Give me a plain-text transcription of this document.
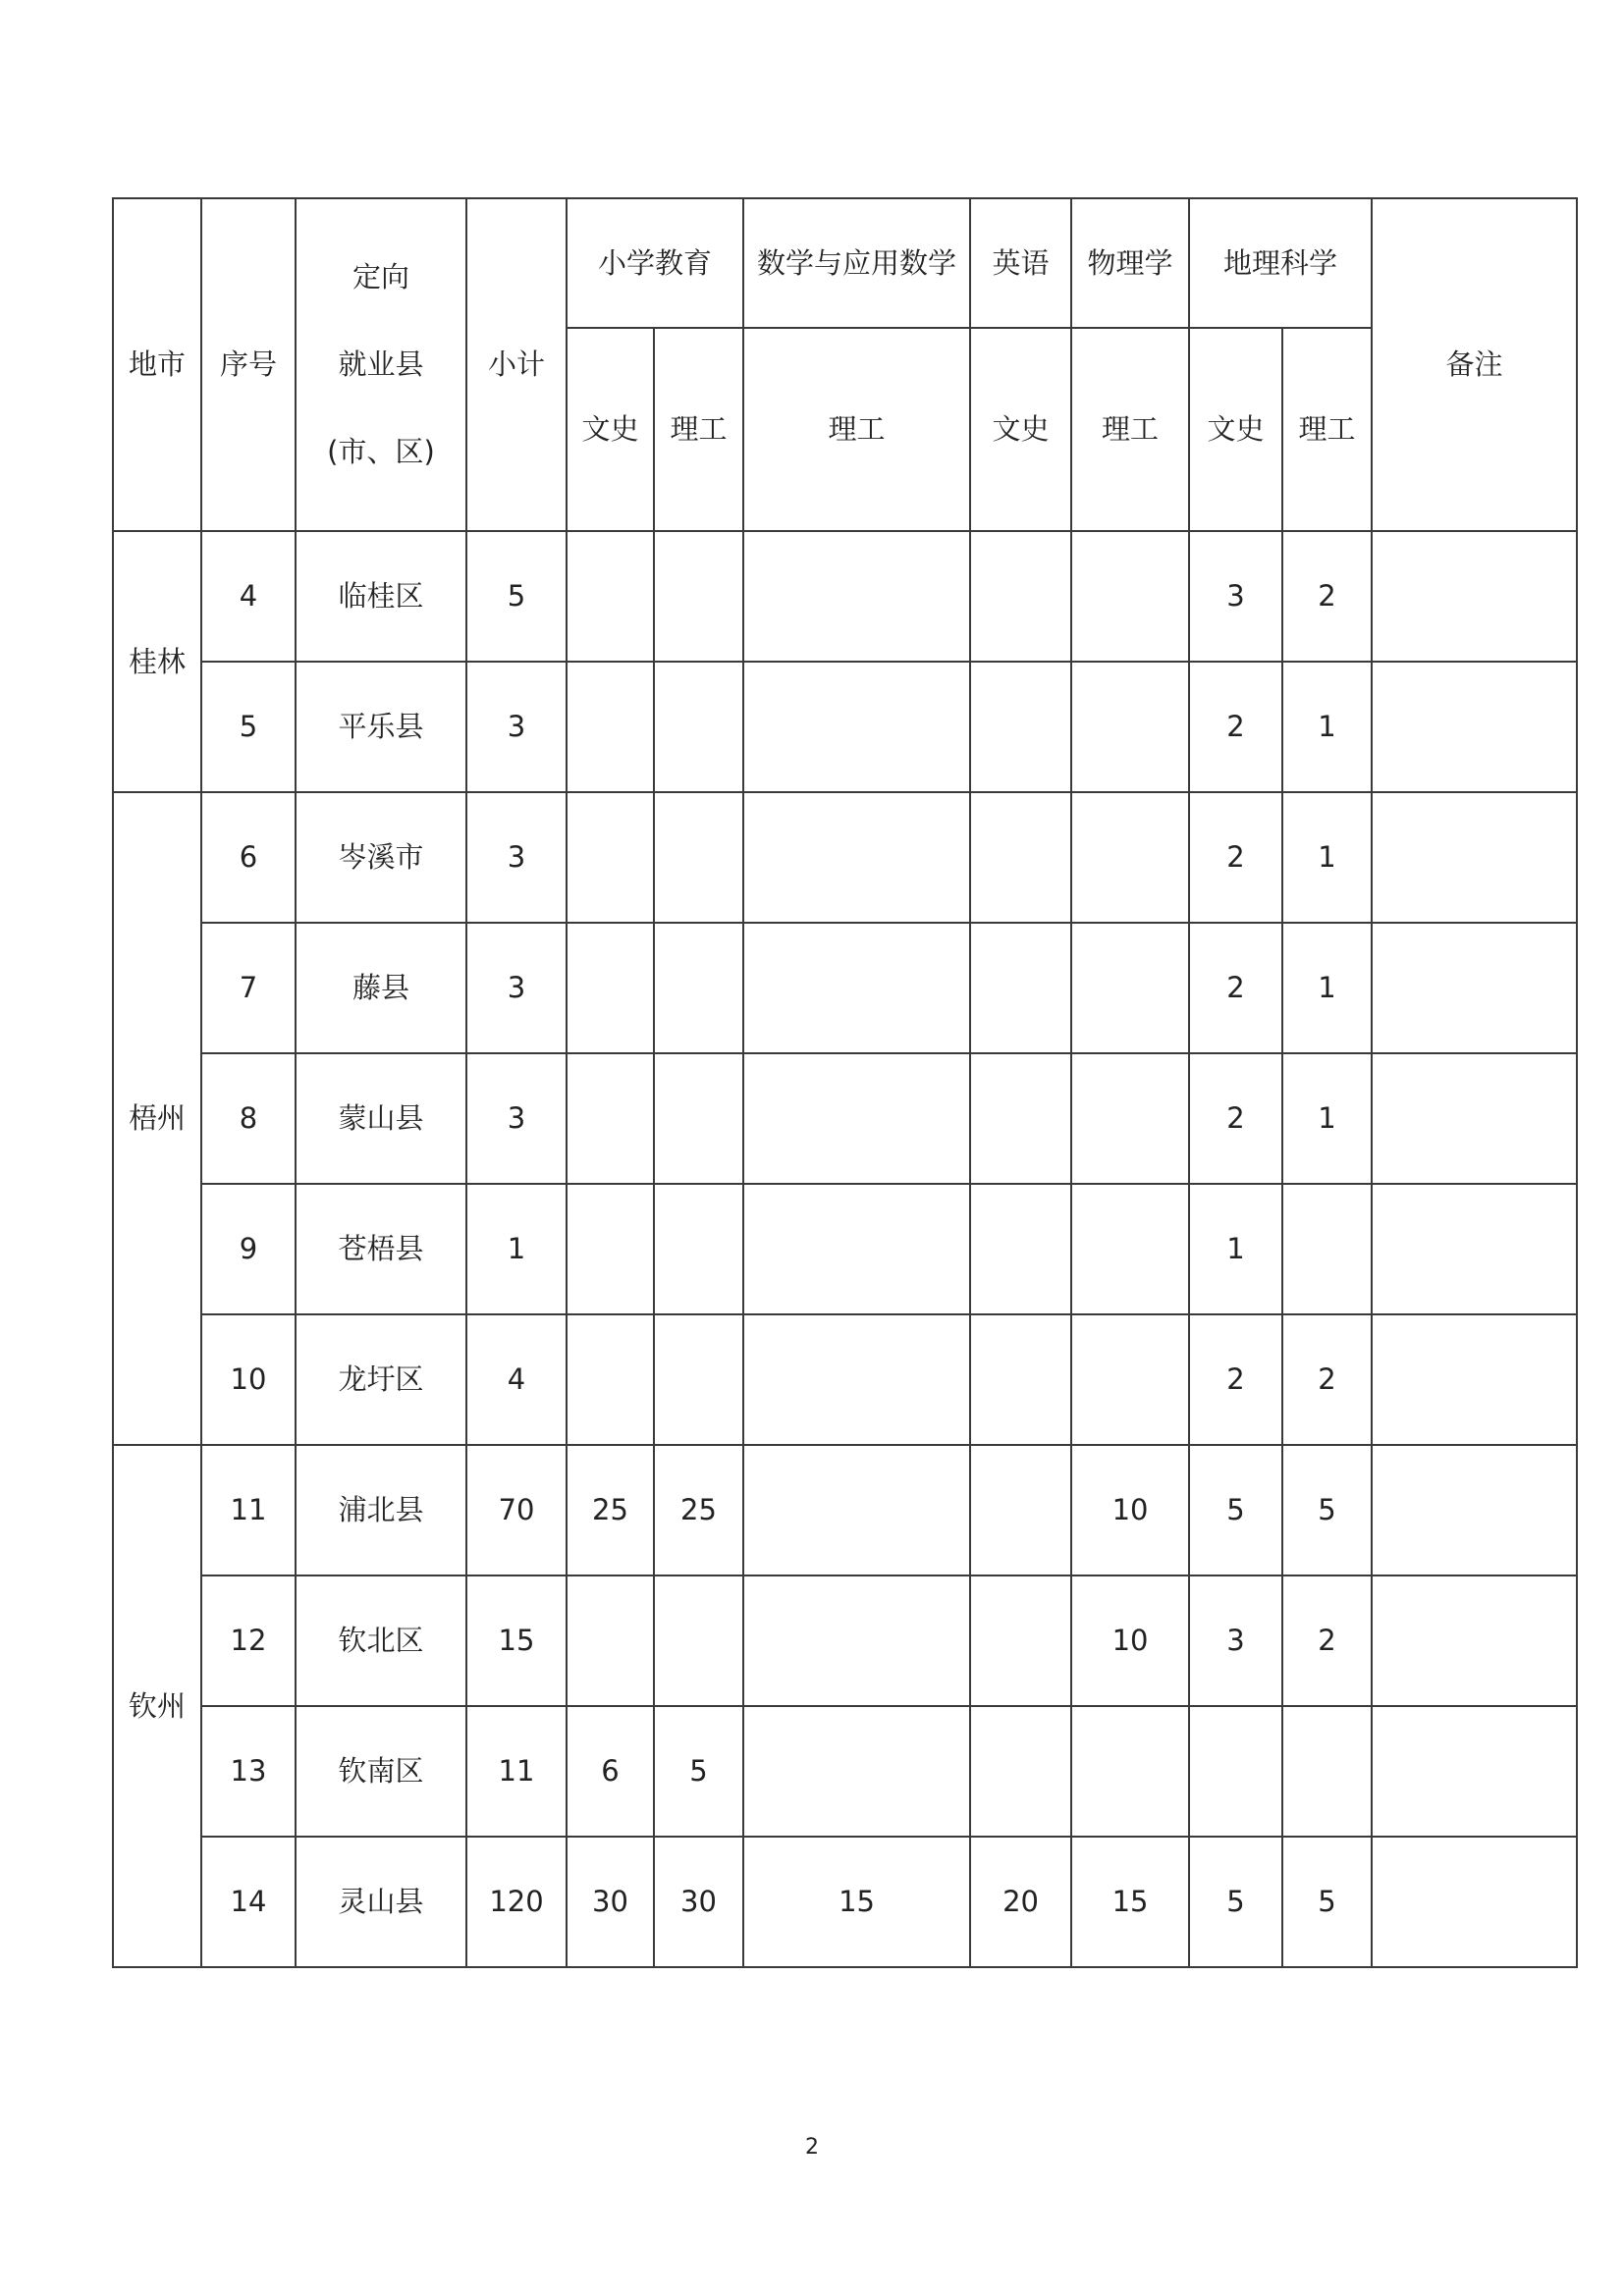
地市	序号	定向
就业县
(市、区)	小计	小学教育		数学与应用数学	英语	物理学	地理科学		备注
				文史	理工	理工	文史	理工	文史	理工	
桂林	4	临桂区	5						3	2	
	5	平乐县	3						2	1	
梧州	6	岑溪市	3						2	1	
	7	藤县	3						2	1	
	8	蒙山县	3						2	1	
	9	苍梧县	1						1		
	10	龙圩区	4						2	2	
钦州	11	浦北县	70	25	25			10	5	5	
	12	钦北区	15					10	3	2	
	13	钦南区	11	6	5						
	14	灵山县	120	30	30	15	20	15	5	5	
2
